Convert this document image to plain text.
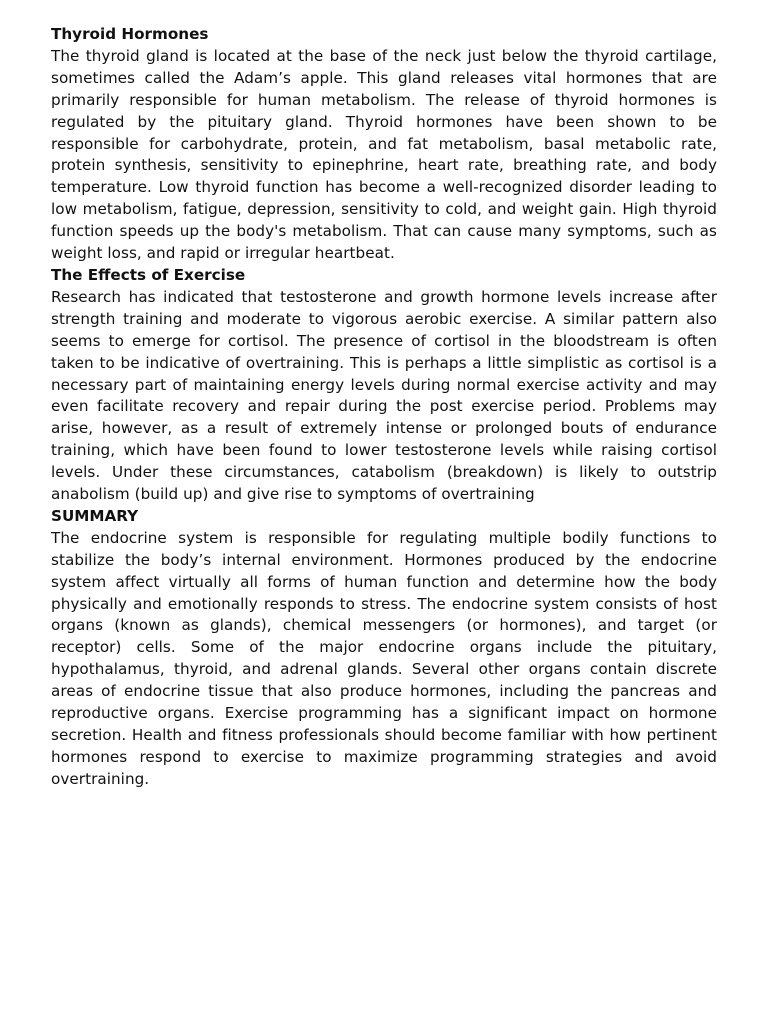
Thyroid Hormones

The thyroid gland is located at the base of the neck just below the thyroid cartilage, sometimes called the Adam’s apple. This gland releases vital hormones that are primarily responsible for human metabolism. The release of thyroid hormones is regulated by the pituitary gland. Thyroid hormones have been shown to be responsible for carbohydrate, protein, and fat metabolism, basal metabolic rate, protein synthesis, sensitivity to epinephrine, heart rate, breathing rate, and body temperature. Low thyroid function has become a well-recognized disorder leading to low metabolism, fatigue, depression, sensitivity to cold, and weight gain. High thyroid function speeds up the body's metabolism. That can cause many symptoms, such as weight loss, and rapid or irregular heartbeat.

The Effects of Exercise

Research has indicated that testosterone and growth hormone levels increase after strength training and moderate to vigorous aerobic exercise. A similar pattern also seems to emerge for cortisol. The presence of cortisol in the bloodstream is often taken to be indicative of overtraining. This is perhaps a little simplistic as cortisol is a necessary part of maintaining energy levels during normal exercise activity and may even facilitate recovery and repair during the post exercise period. Problems may arise, however, as a result of extremely intense or prolonged bouts of endurance training, which have been found to lower testosterone levels while raising cortisol levels. Under these circumstances, catabolism (breakdown) is likely to outstrip anabolism (build up) and give rise to symptoms of overtraining

SUMMARY

The endocrine system is responsible for regulating multiple bodily functions to stabilize the body’s internal environment. Hormones produced by the endocrine system affect virtually all forms of human function and determine how the body physically and emotionally responds to stress. The endocrine system consists of host organs (known as glands), chemical messengers (or hormones), and target (or receptor) cells. Some of the major endocrine organs include the pituitary, hypothalamus, thyroid, and adrenal glands. Several other organs contain discrete areas of endocrine tissue that also produce hormones, including the pancreas and reproductive organs. Exercise programming has a significant impact on hormone secretion. Health and fitness professionals should become familiar with how pertinent hormones respond to exercise to maximize programming strategies and avoid overtraining.
